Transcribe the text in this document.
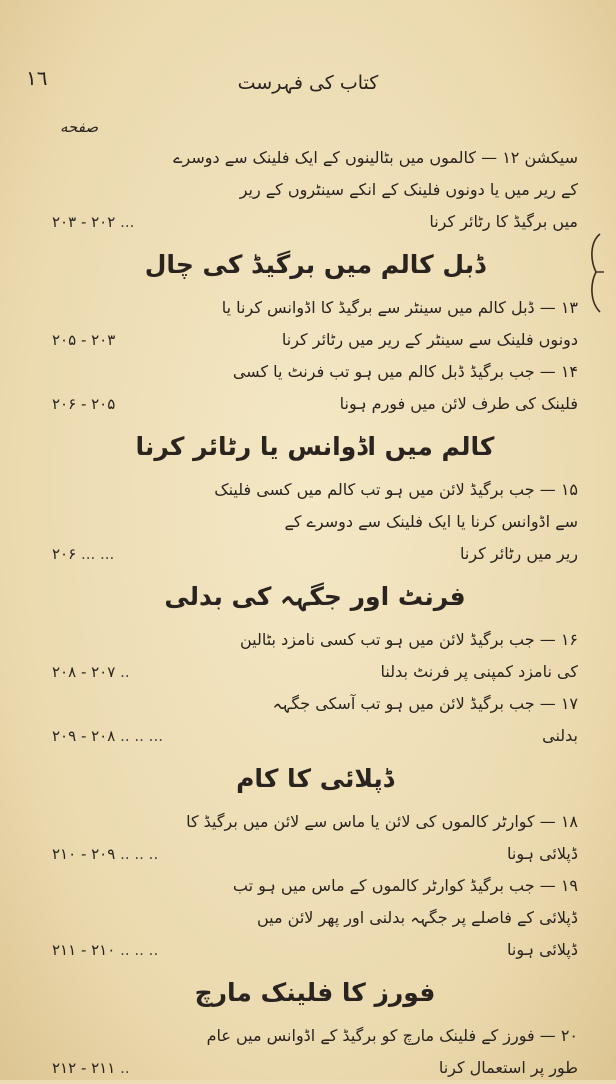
١٦	کتاب کی فہرست
صفحه
سیکشن ۱۲ — کالموں میں بٹالینوں کے ایک فلینک سے دوسرے
کے ریر میں یا دونوں فلینک کے انکے سینٹروں کے ریر
میں برگیڈ کا رٹائر کرنا
۲۰۳ - ۲۰۲ ...
ڈبل کالم میں برگیڈ کی چال
۱۳ — ڈبل کالم میں سینٹر سے برگیڈ کا اڈوانس کرنا یا
دونوں فلینک سے سینٹر کے ریر میں رٹائر کرنا
۲۰۵ - ۲۰۳
۱۴ — جب برگیڈ ڈبل کالم میں ہو تب فرنٹ یا کسی
فلینک کی طرف لائن میں فورم ہونا
۲۰۶ - ۲۰۵
کالم میں اڈوانس یا رٹائر کرنا
۱۵ — جب برگیڈ لائن میں ہو تب کالم میں کسی فلینک
سے اڈوانس کرنا یا ایک فلینک سے دوسرے کے
ریر میں رٹائر کرنا
۲۰۶ ... ...
فرنٹ اور جگہہ کی بدلی
۱۶ — جب برگیڈ لائن میں ہو تب کسی نامزد بٹالین
کی نامزد کمپنی پر فرنٹ بدلنا
۲۰۸ - ۲۰۷ ..
۱۷ — جب برگیڈ لائن میں ہو تب آسکی جگہہ
بدلنی
۲۰۹ - ۲۰۸ .. .. ...
ڈپلائی کا کام
۱۸ — کوارٹر کالموں کی لائن یا ماس سے لائن میں برگیڈ کا
ڈپلائی ہونا
۲۱۰ - ۲۰۹ .. .. ..
۱۹ — جب برگیڈ کوارٹر کالموں کے ماس میں ہو تب
ڈپلائی کے فاصلے پر جگہہ بدلنی اور پھر لائن میں
ڈپلائی ہونا
۲۱۱ - ۲۱۰ .. .. ..
فورز کا فلینک مارچ
۲۰ — فورز کے فلینک مارچ کو برگیڈ کے اڈوانس میں عام
طور پر استعمال کرنا
۲۱۲ - ۲۱۱ ..
